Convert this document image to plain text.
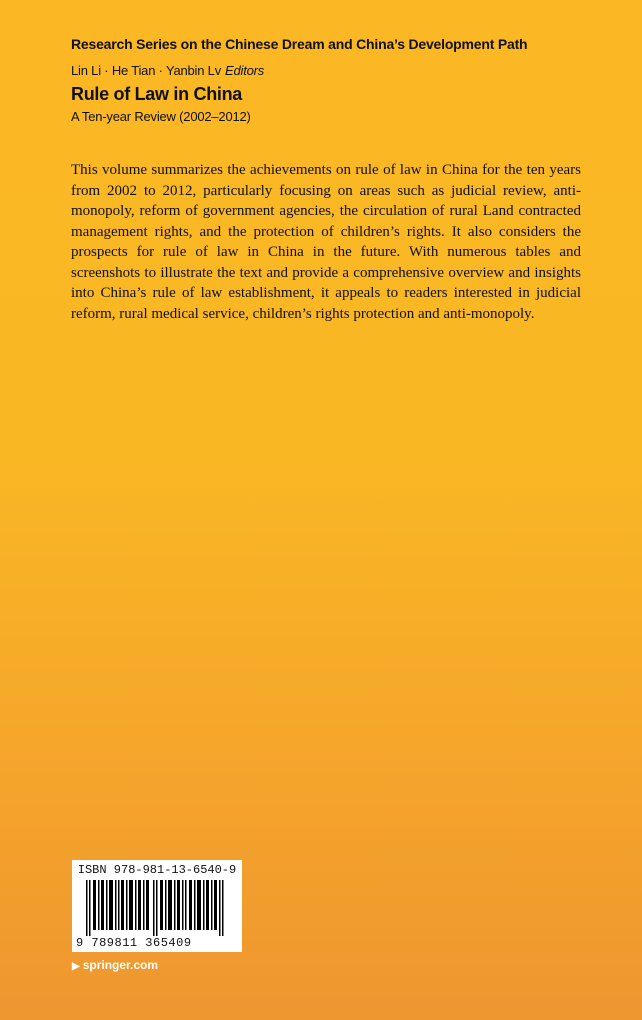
Research Series on the Chinese Dream and China’s Development Path
Lin Li · He Tian · Yanbin Lv Editors
Rule of Law in China
A Ten-year Review (2002–2012)
This volume summarizes the achievements on rule of law in China for the ten years from 2002 to 2012, particularly focusing on areas such as judicial review, anti-monopoly, reform of government agencies, the circulation of rural Land contracted management rights, and the protection of children’s rights. It also considers the prospects for rule of law in China in the future. With numerous tables and screenshots to illustrate the text and provide a comprehensive overview and insights into China’s rule of law establishment, it appeals to readers interested in judicial reform, rural medical service, children’s rights protection and anti-monopoly.
ISBN 978-981-13-6540-9
9 789811 365409
▶ springer.com
